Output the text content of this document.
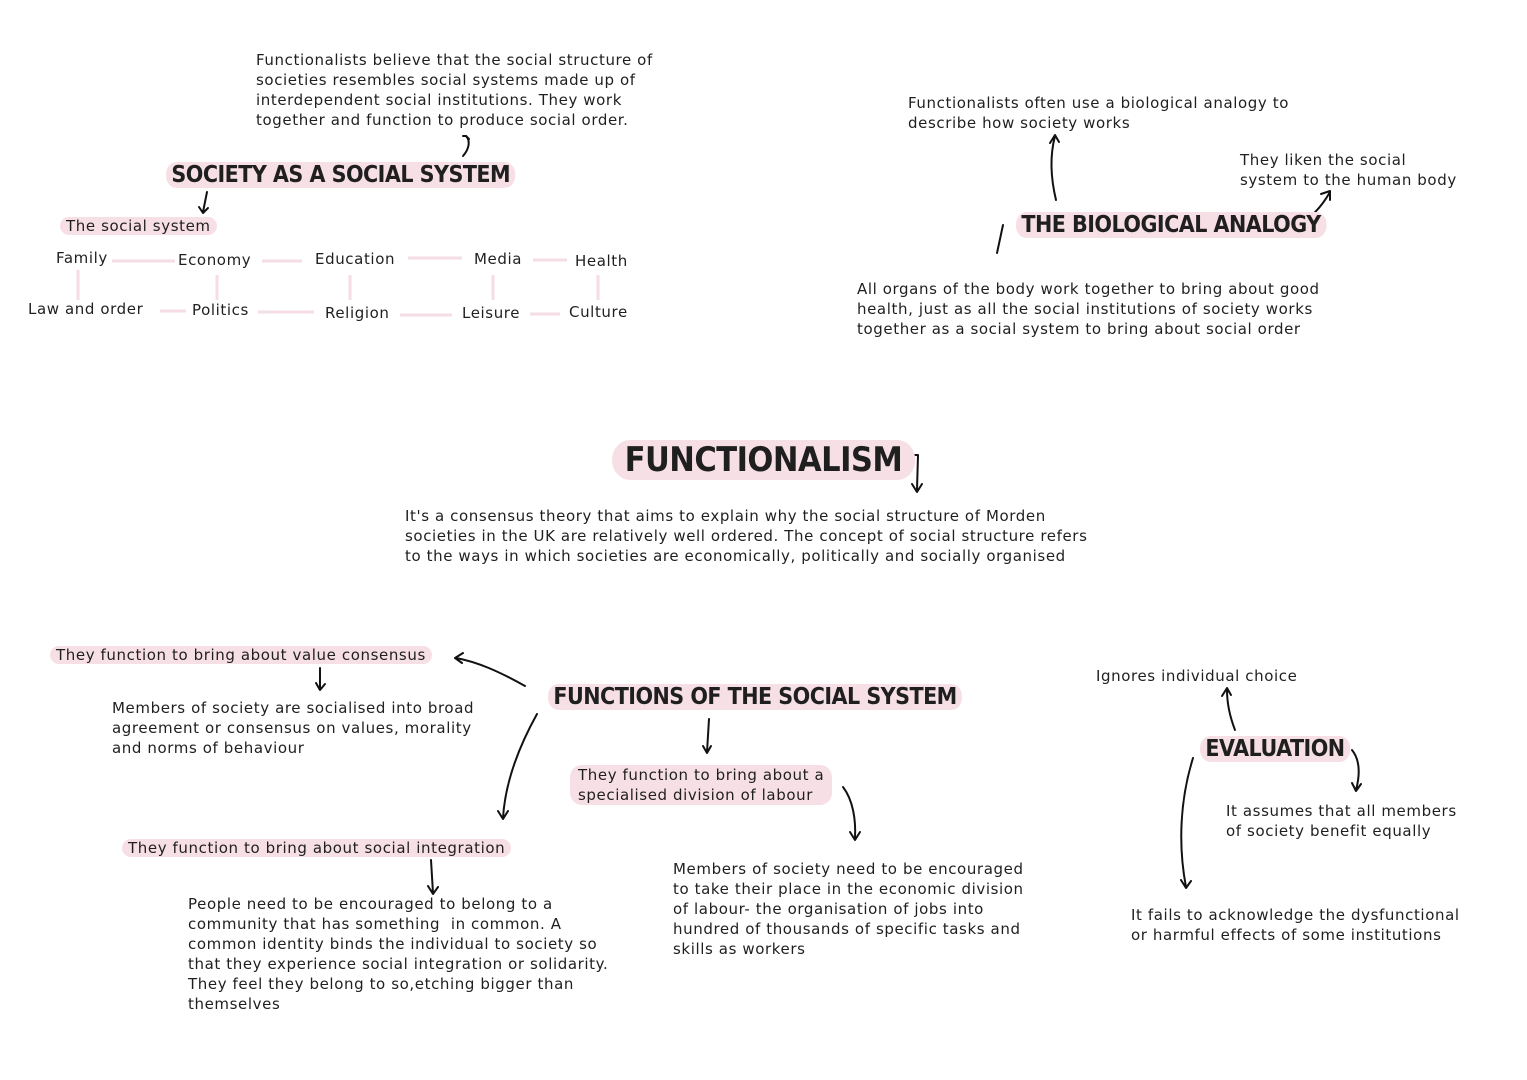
Functionalists believe that the social structure of
societies resembles social systems made up of
interdependent social institutions. They work
together and function to produce social order.
SOCIETY AS A SOCIAL SYSTEM
The social system
Family	Economy	Education	Media	Health
Law and order	Politics	Religion	Leisure	Culture
Functionalists often use a biological analogy to
describe how society works
They liken the social
system to the human body
THE BIOLOGICAL ANALOGY
All organs of the body work together to bring about good
health, just as all the social institutions of society works
together as a social system to bring about social order
FUNCTIONALISM
It's a consensus theory that aims to explain why the social structure of Morden
societies in the UK are relatively well ordered. The concept of social structure refers
to the ways in which societies are economically, politically and socially organised
They function to bring about value consensus
Members of society are socialised into broad
agreement or consensus on values, morality
and norms of behaviour
FUNCTIONS OF THE SOCIAL SYSTEM
They function to bring about a
specialised division of labour
They function to bring about social integration
Members of society need to be encouraged
to take their place in the economic division
of labour- the organisation of jobs into
hundred of thousands of specific tasks and
skills as workers
People need to be encouraged to belong to a
community that has something  in common. A
common identity binds the individual to society so
that they experience social integration or solidarity.
They feel they belong to so,etching bigger than
themselves
Ignores individual choice
EVALUATION
It assumes that all members
of society benefit equally
It fails to acknowledge the dysfunctional
or harmful effects of some institutions
